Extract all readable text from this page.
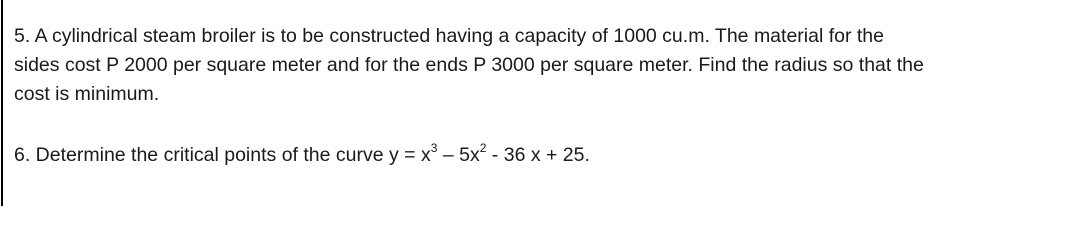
5. A cylindrical steam broiler is to be constructed having a capacity of 1000 cu.m. The material for the
sides cost P 2000 per square meter and for the ends P 3000 per square meter. Find the radius so that the
cost is minimum.

6. Determine the critical points of the curve $y = x^3 - 5x^2 - 36$ x + 25.
